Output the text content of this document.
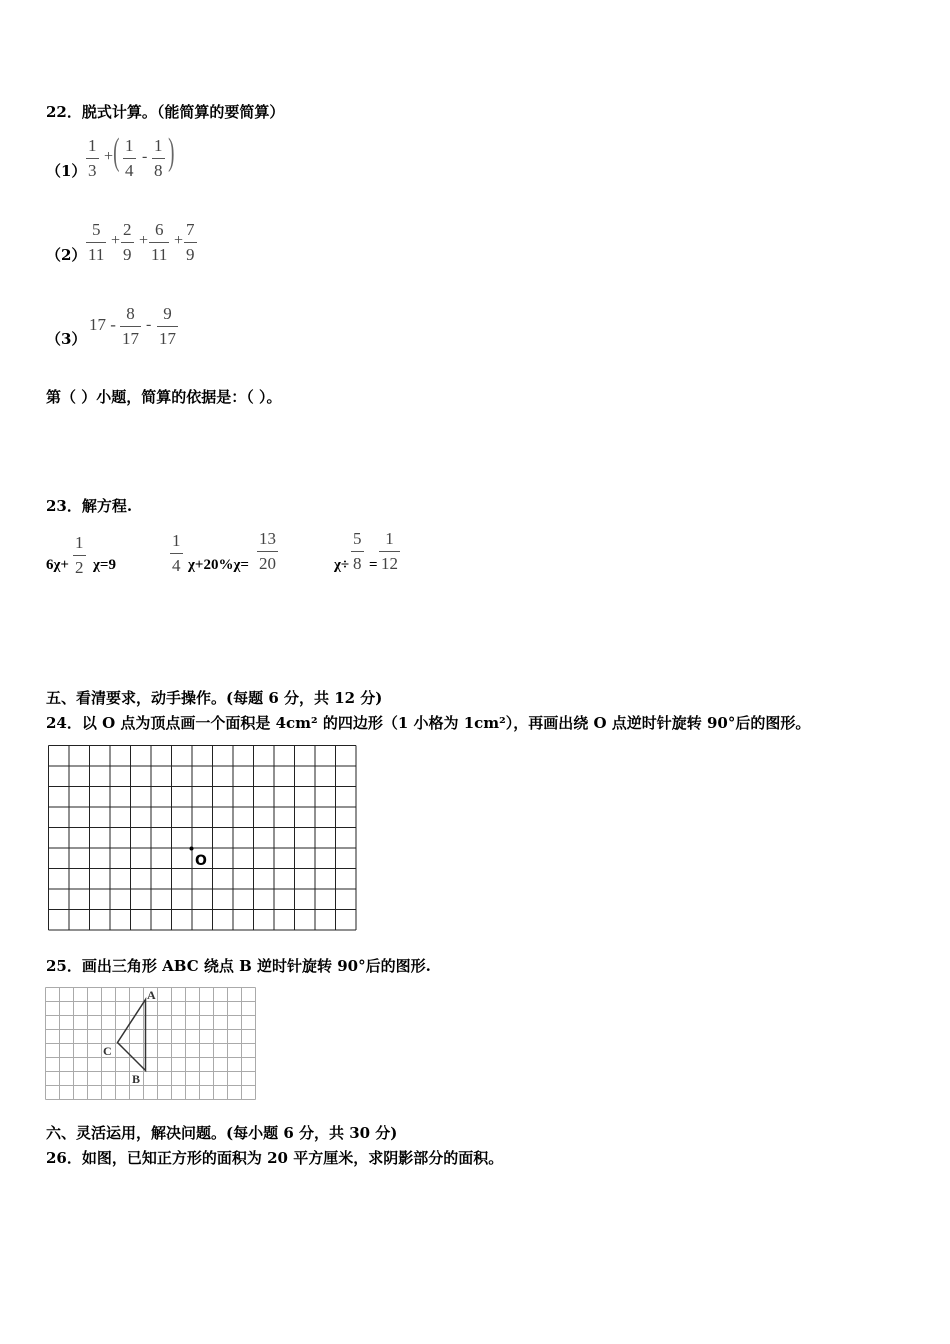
22．脱式计算。（能简算的要简算）
（1）
1
3
+ ( 1
4
-
1
8 )
（2）
5
11
+
2
9
+
6
11
+
7
9
（3）
17 -
8
17
-
9
17
第（ ）小题，简算的依据是：（ ）。
23．解方程.
6χ+
1
2 χ=9
1
4 χ+20%χ=
13
20	χ÷
5
8 =
1
12
五、看清要求，动手操作。(每题 6 分，共 12 分)
24．以 O 点为顶点画一个面积是 4cm² 的四边形（1 小格为 1cm²），再画出绕 O 点逆时针旋转 90°后的图形。
O
25．画出三角形 ABC 绕点 B 逆时针旋转 90°后的图形.
A
B
C
六、灵活运用，解决问题。(每小题 6 分，共 30 分)
26．如图，已知正方形的面积为 20 平方厘米，求阴影部分的面积。
